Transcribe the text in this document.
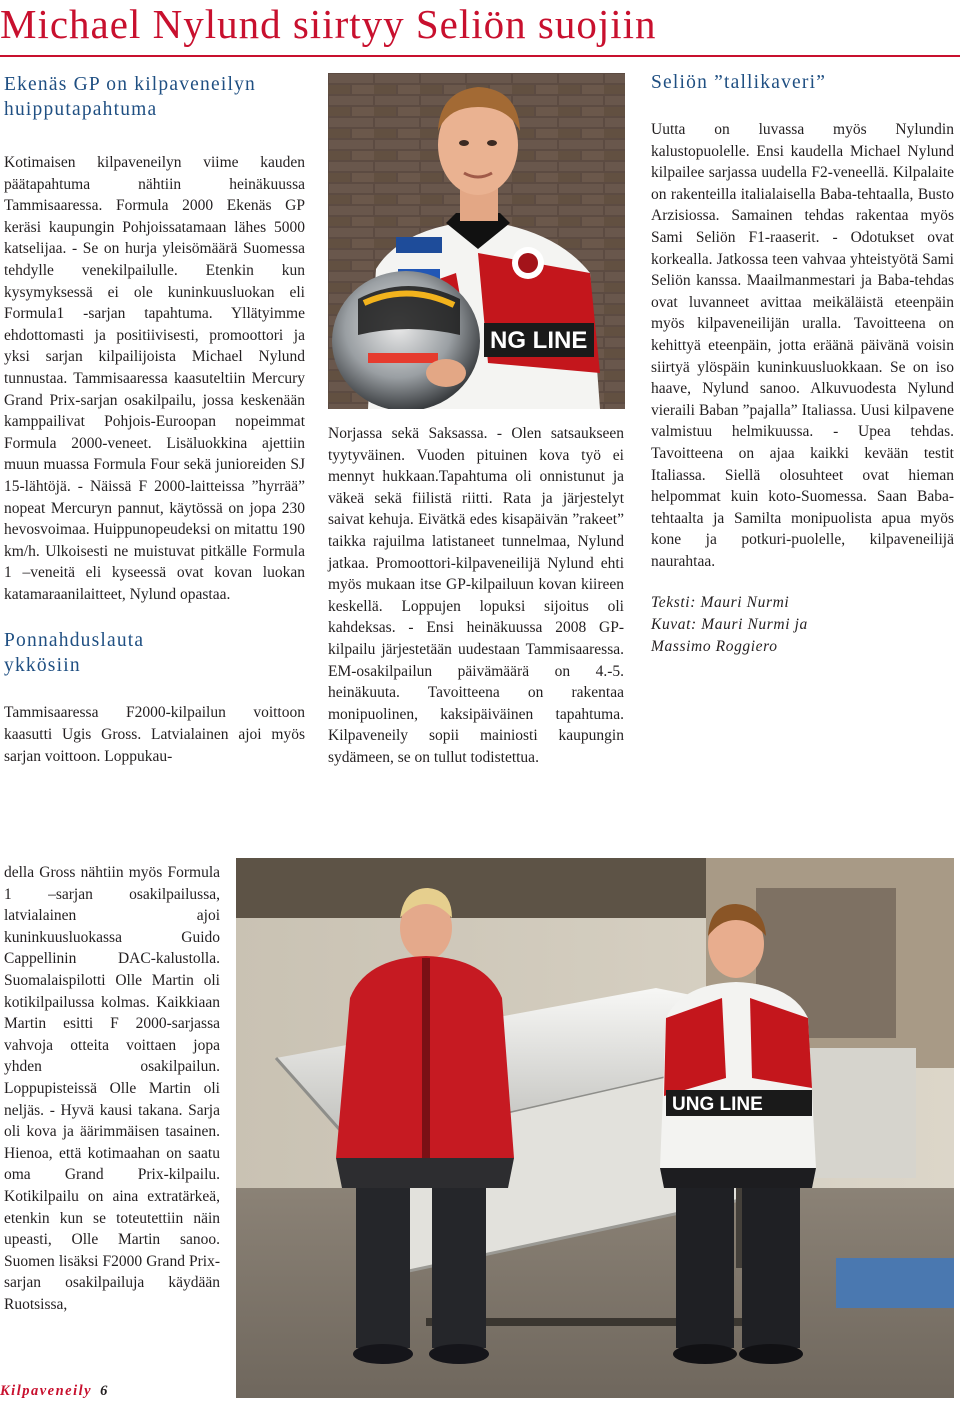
Michael Nylund siirtyy Seliön suojiin
Ekenäs GP on kilpaveneilyn
huipputapahtuma

Kotimaisen kilpaveneilyn viime kauden päätapahtuma nähtiin heinäkuussa Tammisaaressa. Formula 2000 Ekenäs GP keräsi kaupungin Pohjoissatamaan lähes 5000 katselijaa. - Se on hurja yleisömäärä Suomessa tehdylle venekilpailulle. Etenkin kun kysymyksessä ei ole kuninkuusluokan eli Formula1 -sarjan tapahtuma. Yllätyimme ehdottomasti ja positiivisesti, promoottori ja yksi sarjan kilpailijoista Michael Nylund tunnustaa. Tammisaaressa kaasuteltiin Mercury Grand Prix-sarjan osakilpailu, jossa keskenään kamppailivat Pohjois-Euroopan nopeimmat Formula 2000-veneet. Lisäluokkina ajettiin muun muassa Formula Four sekä junioreiden SJ 15-lähtöjä. - Näissä F 2000-laitteissa ”hyrrää” nopeat Mercuryn pannut, käytössä on jopa 230 hevosvoimaa. Huippunopeudeksi on mitattu 190 km/h. Ulkoisesti ne muistuvat pitkälle Formula 1 –veneitä eli kyseessä ovat kovan luokan katamaraanilaitteet, Nylund opastaa.

Ponnahduslauta
ykkösiin

Tammisaaressa F2000-kilpailun voittoon kaasutti Ugis Gross. Latvialainen ajoi myös sarjan voittoon. Loppukau-

della Gross nähtiin myös Formula 1 –sarjan osakilpailussa, latvialainen ajoi kuninkuusluokassa Guido Cappellinin DAC-kalustolla. Suomalaispilotti Olle Martin oli kotikilpailussa kolmas. Kaikkiaan Martin esitti F 2000-sarjassa vahvoja otteita voittaen jopa yhden osakilpailun. Loppupisteissä Olle Martin oli neljäs. - Hyvä kausi takana. Sarja oli kova ja äärimmäisen tasainen. Hienoa, että kotimaahan on saatu oma Grand Prix-kilpailu. Kotikilpailu on aina extratärkeä, etenkin kun se toteutettiin näin upeasti, Olle Martin sanoo. Suomen lisäksi F2000 Grand Prix-sarjan osakilpailuja käydään Ruotsissa,

NG LINE

Norjassa sekä Saksassa. - Olen satsaukseen tyytyväinen. Vuoden pituinen kova työ ei mennyt hukkaan.Tapahtuma oli onnistunut ja väkeä sekä fiilistä riitti. Rata ja järjestelyt saivat kehuja. Eivätkä edes kisapäivän ”rakeet” taikka rajuilma latistaneet tunnelmaa, Nylund jatkaa. Promoottori-kilpaveneilijä Nylund ehti myös mukaan itse GP-kilpailuun kovan kiireen keskellä. Loppujen lopuksi sijoitus oli kahdeksas. - Ensi heinäkuussa 2008 GP-kilpailu järjestetään uudestaan Tammisaaressa. EM-osakilpailun päivämäärä on 4.-5. heinäkuuta. Tavoitteena on rakentaa monipuolinen, kaksipäiväinen tapahtuma. Kilpaveneily sopii mainiosti kaupungin sydämeen, se on tullut todistettua.

Seliön ”tallikaveri”

Uutta on luvassa myös Nylundin kalustopuolelle. Ensi kaudella Michael Nylund kilpailee sarjassa uudella F2-veneellä. Kilpalaite on rakenteilla italialaisella Baba-tehtaalla, Busto Arzisiossa. Samainen tehdas rakentaa myös Sami Seliön F1-raaserit. - Odotukset ovat korkealla. Jatkossa teen vahvaa yhteistyötä Sami Seliön kanssa. Maailmanmestari ja Baba-tehdas ovat luvanneet avittaa meikäläistä eteenpäin myös kilpaveneilijän uralla. Tavoitteena on kehittyä eteenpäin, jotta eräänä päivänä voisin siirtyä ylöspäin kuninkuusluokkaan. Se on iso haave, Nylund sanoo. Alkuvuodesta Nylund vieraili Baban ”pajalla” Italiassa. Uusi kilpavene valmistuu helmikuussa. - Upea tehdas. Tavoitteena on ajaa kaikki kevään testit Italiassa. Siellä olosuhteet ovat hieman helpommat kuin koto-Suomessa. Saan Baba-tehtaalta ja Samilta monipuolista apua myös kone ja potkuri-puolelle, kilpaveneilijä naurahtaa.

Teksti: Mauri Nurmi
Kuvat: Mauri Nurmi ja
Massimo Roggiero
UNG LINE
Kilpaveneily 6
